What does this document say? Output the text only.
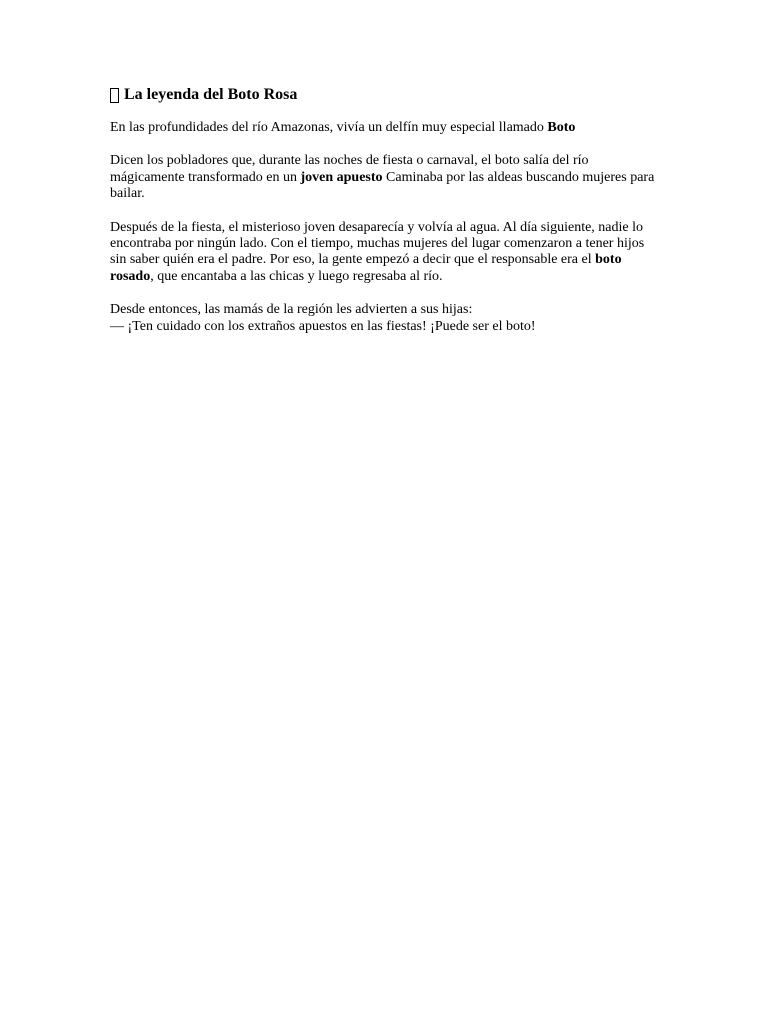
La leyenda del Boto Rosa

En las profundidades del río Amazonas, vivía un delfín muy especial llamado Boto

Dicen los pobladores que, durante las noches de fiesta o carnaval, el boto salía del río mágicamente transformado en un joven apuesto Caminaba por las aldeas buscando mujeres para bailar.

Después de la fiesta, el misterioso joven desaparecía y volvía al agua. Al día siguiente, nadie lo encontraba por ningún lado. Con el tiempo, muchas mujeres del lugar comenzaron a tener hijos sin saber quién era el padre. Por eso, la gente empezó a decir que el responsable era el boto rosado, que encantaba a las chicas y luego regresaba al río.

Desde entonces, las mamás de la región les advierten a sus hijas:
— ¡Ten cuidado con los extraños apuestos en las fiestas! ¡Puede ser el boto!
